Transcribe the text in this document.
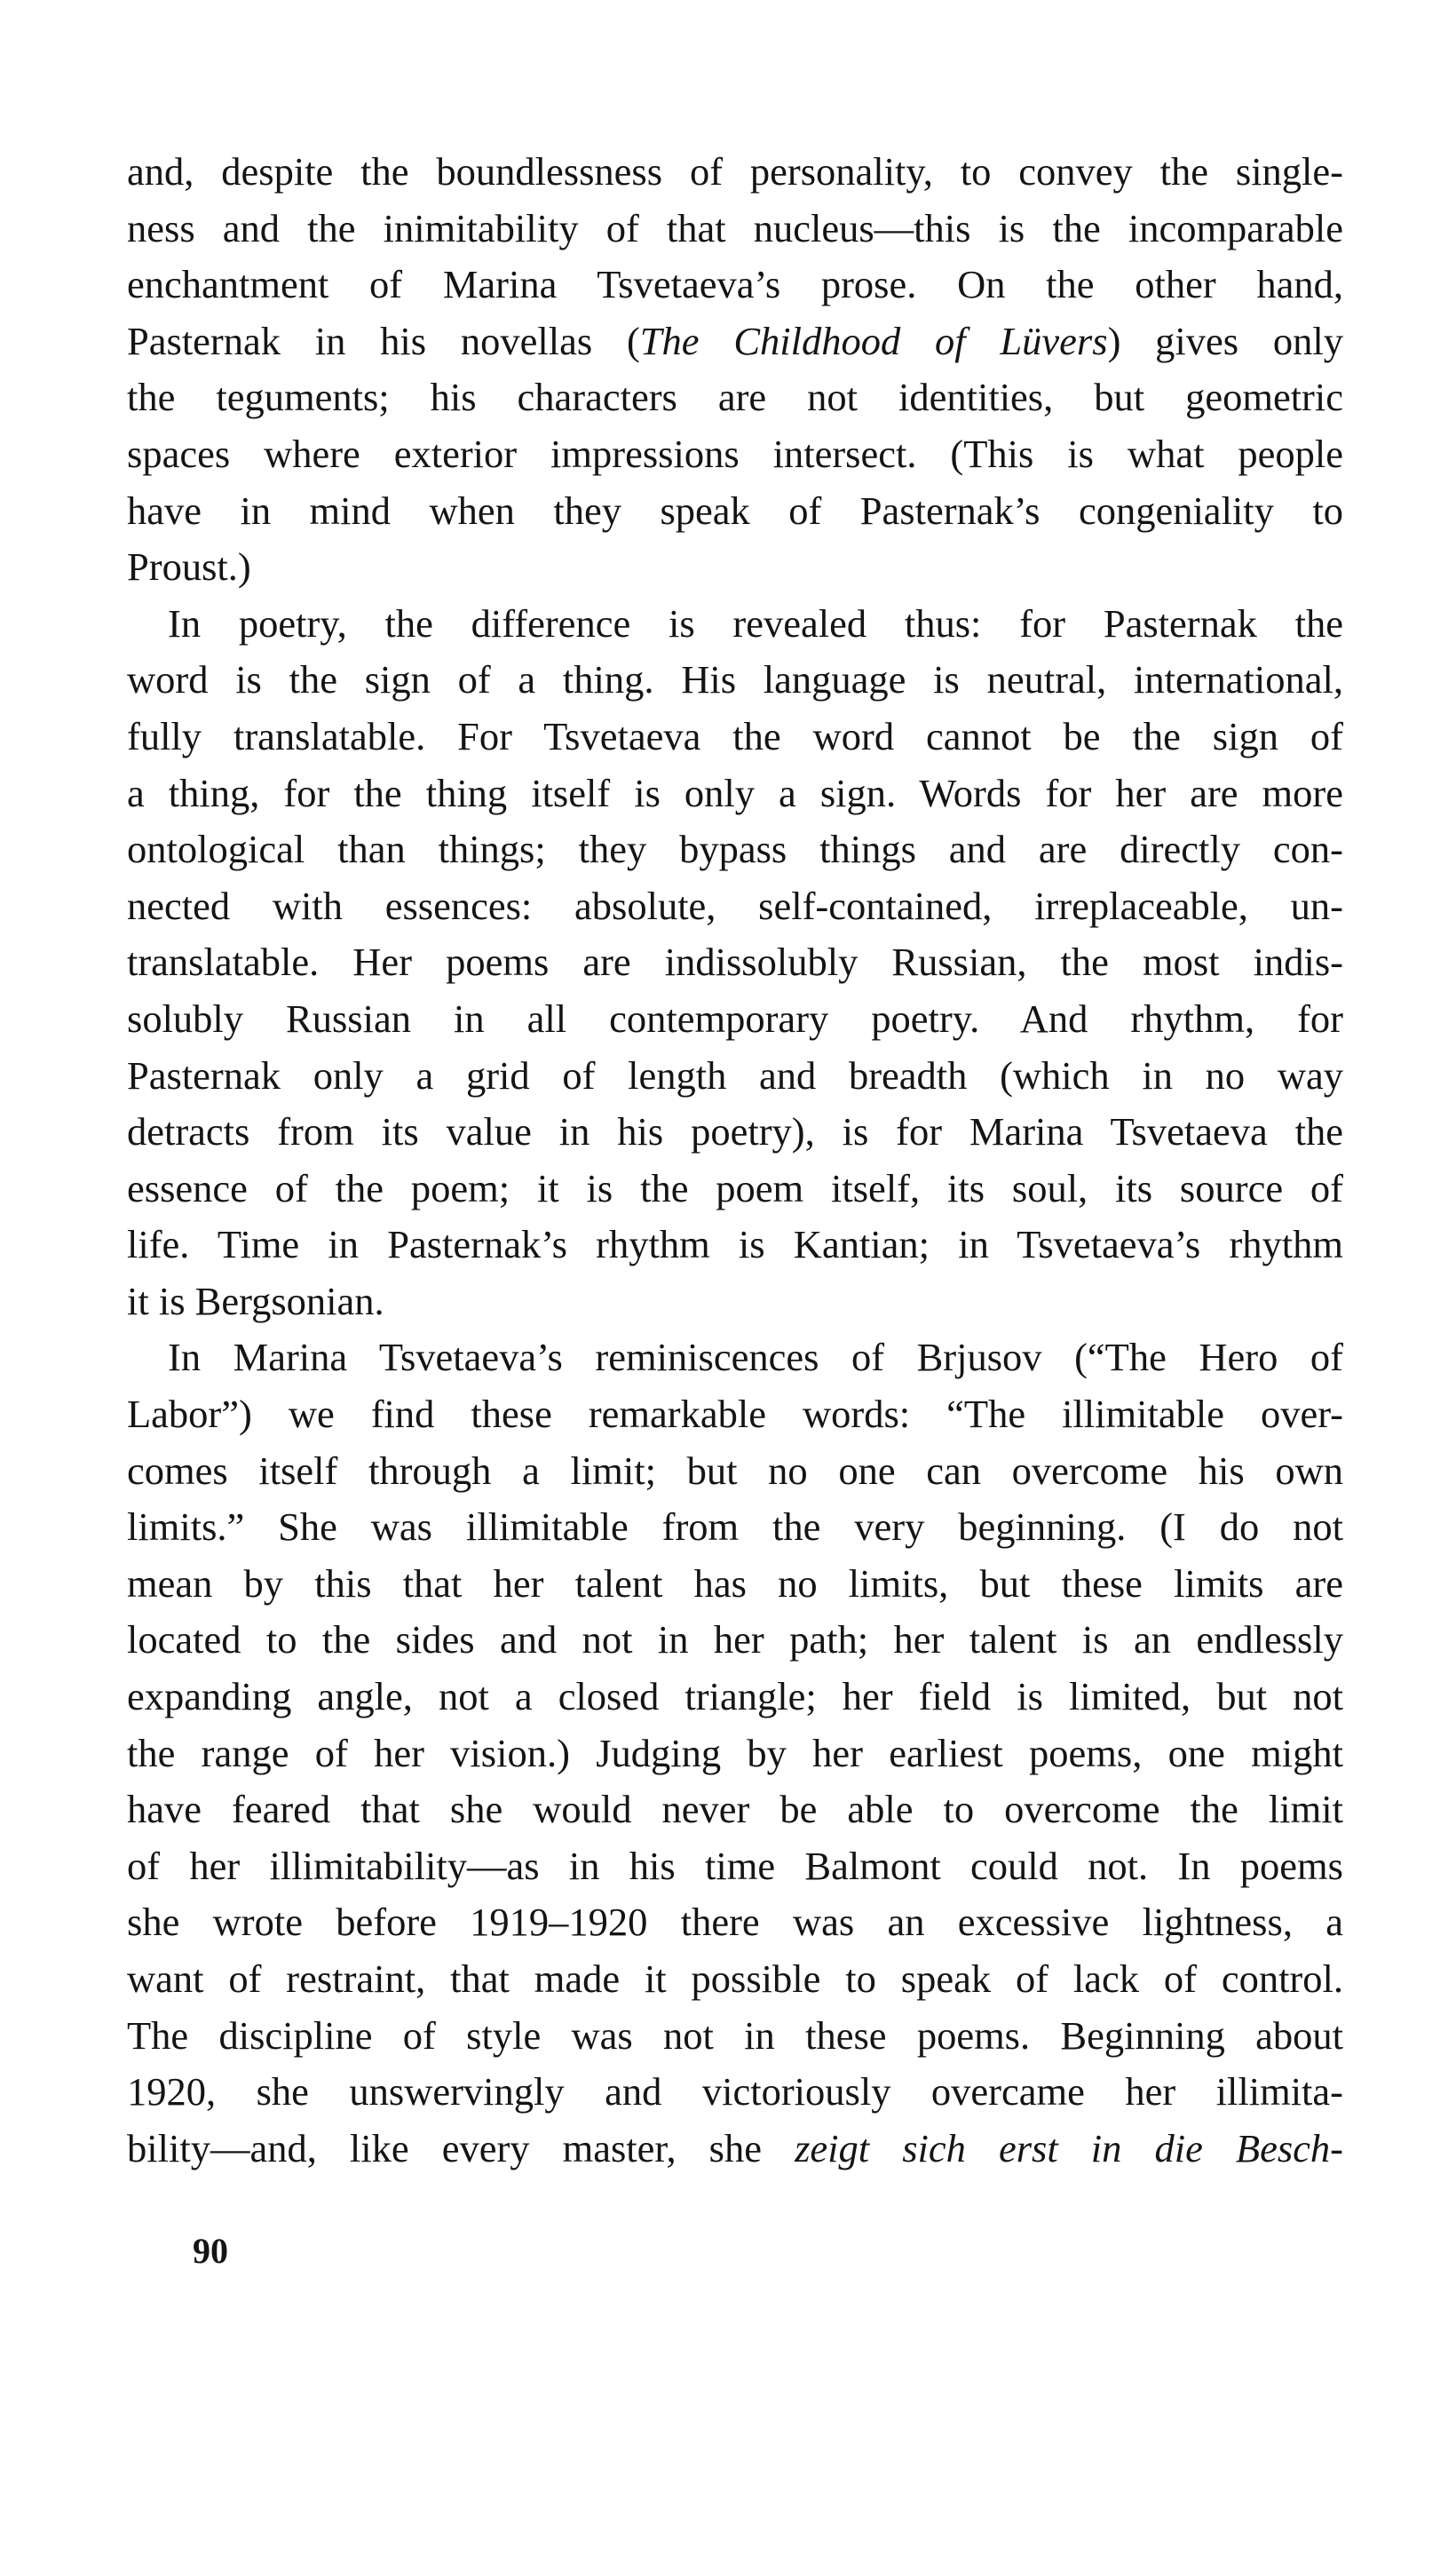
and, despite the boundlessness of personality, to convey the single-
ness and the inimitability of that nucleus—this is the incomparable
enchantment of Marina Tsvetaeva’s prose. On the other hand,
Pasternak in his novellas (The Childhood of Lüvers) gives only
the teguments; his characters are not identities, but geometric
spaces where exterior impressions intersect. (This is what people
have in mind when they speak of Pasternak’s congeniality to
Proust.)
In poetry, the difference is revealed thus: for Pasternak the
word is the sign of a thing. His language is neutral, international,
fully translatable. For Tsvetaeva the word cannot be the sign of
a thing, for the thing itself is only a sign. Words for her are more
ontological than things; they bypass things and are directly con-
nected with essences: absolute, self-contained, irreplaceable, un-
translatable. Her poems are indissolubly Russian, the most indis-
solubly Russian in all contemporary poetry. And rhythm, for
Pasternak only a grid of length and breadth (which in no way
detracts from its value in his poetry), is for Marina Tsvetaeva the
essence of the poem; it is the poem itself, its soul, its source of
life. Time in Pasternak’s rhythm is Kantian; in Tsvetaeva’s rhythm
it is Bergsonian.
In Marina Tsvetaeva’s reminiscences of Brjusov (“The Hero of
Labor”) we find these remarkable words: “The illimitable over-
comes itself through a limit; but no one can overcome his own
limits.” She was illimitable from the very beginning. (I do not
mean by this that her talent has no limits, but these limits are
located to the sides and not in her path; her talent is an endlessly
expanding angle, not a closed triangle; her field is limited, but not
the range of her vision.) Judging by her earliest poems, one might
have feared that she would never be able to overcome the limit
of her illimitability—as in his time Balmont could not. In poems
she wrote before 1919–1920 there was an excessive lightness, a
want of restraint, that made it possible to speak of lack of control.
The discipline of style was not in these poems. Beginning about
1920, she unswervingly and victoriously overcame her illimita-
bility—and, like every master, she zeigt sich erst in die Besch-
90
